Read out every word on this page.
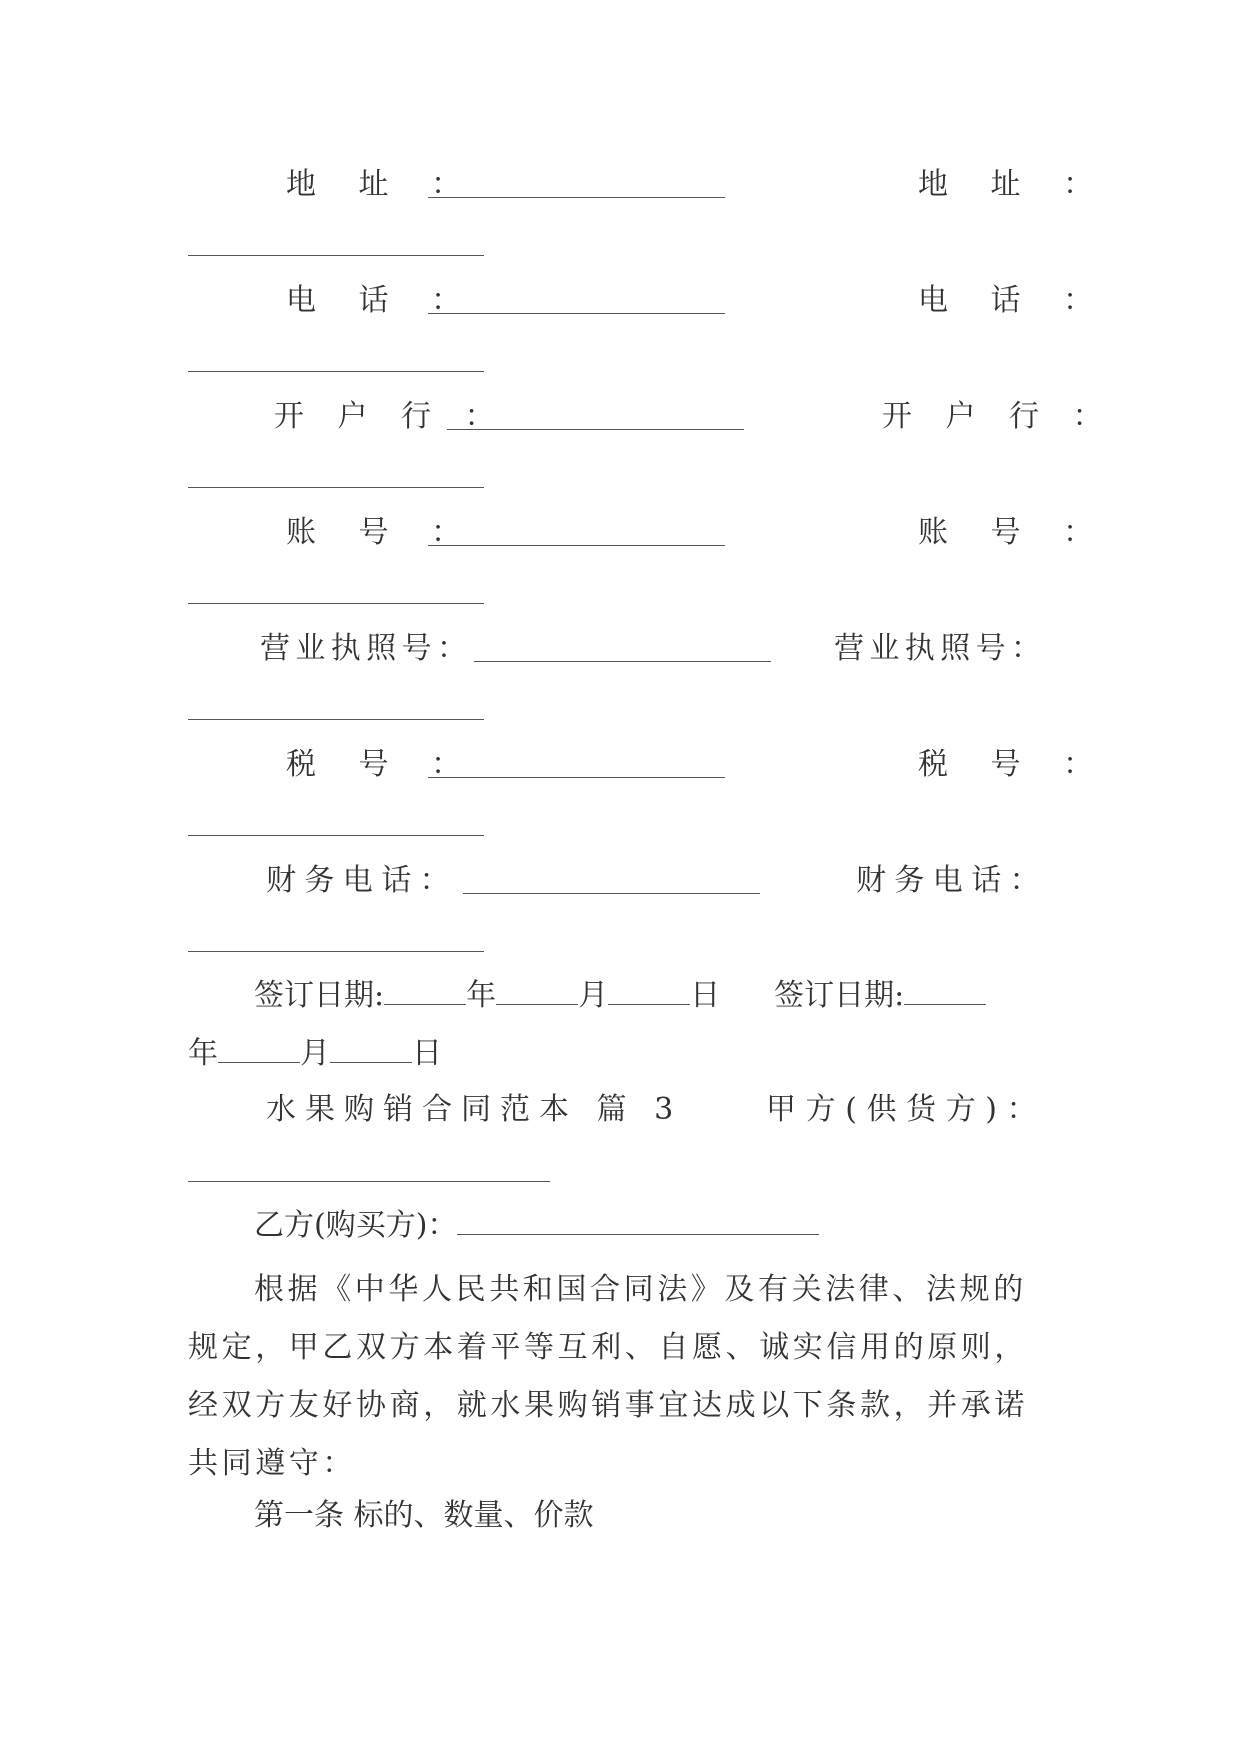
地 址 ：	地 址 ：
电 话 ：	电 话 ：
开 户 行 ：	开 户 行 ：
账 号 ：	账 号 ：
营业执照号：	营业执照号：
税 号 ：	税 号 ：
财务电话：	财务电话：
签订日期:	年	月	日 签订日期:
年	月	日
水果购销合同范本 篇 3	甲方(供货方)：
乙方(购买方)：
根据《中华人民共和国合同法》及有关法律、法规的规定，甲乙双方本着平等互利、自愿、诚实信用的原则，经双方友好协商，就水果购销事宜达成以下条款，并承诺共同遵守：
第一条 标的、数量、价款
